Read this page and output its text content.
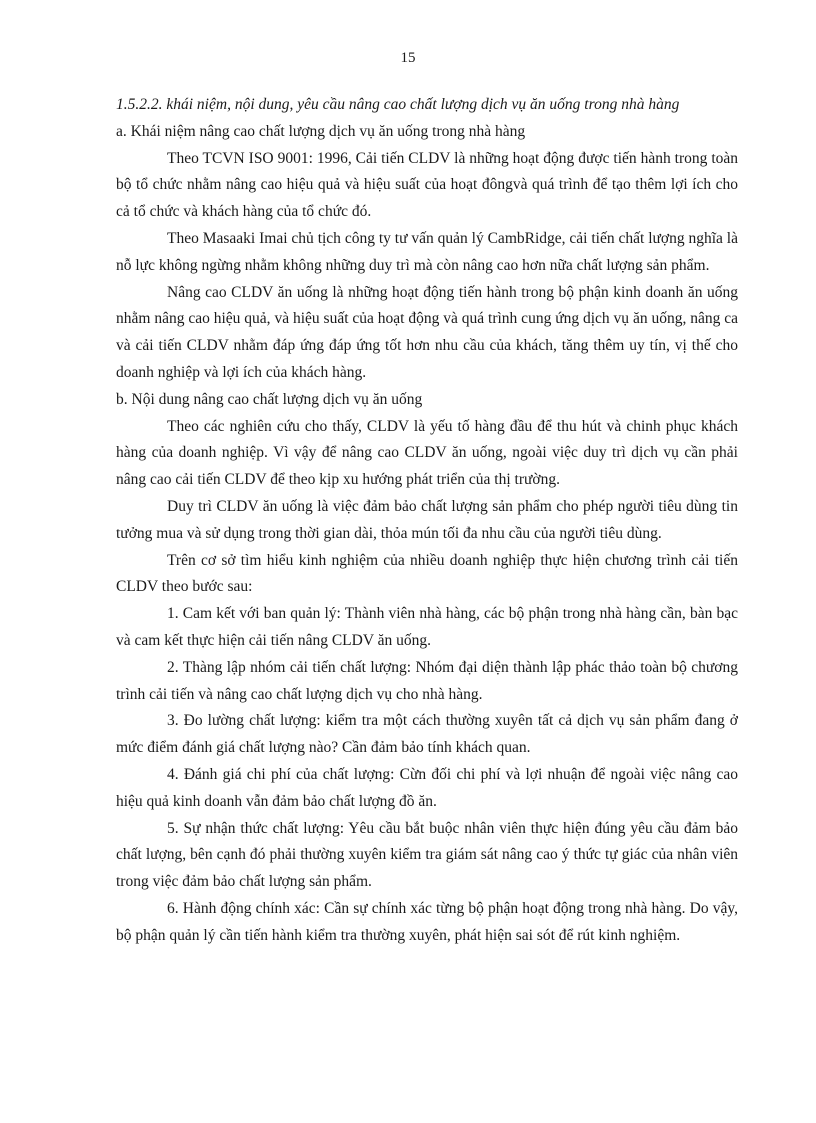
15

1.5.2.2. khái niệm, nội dung, yêu cầu nâng cao chất lượng dịch vụ ăn uống trong nhà hàng

a. Khái niệm nâng cao chất lượng dịch vụ ăn uống trong nhà hàng

Theo TCVN ISO 9001: 1996, Cải tiến CLDV là những hoạt động được tiến hành trong toàn bộ tổ chức nhằm nâng cao hiệu quả và hiệu suất của hoạt đôngvà quá trình để tạo thêm lợi ích cho cả tổ chức và khách hàng của tổ chức đó.

Theo Masaaki Imai chủ tịch công ty tư vấn quản lý CambRidge, cải tiến chất lượng nghĩa là nỗ lực không ngừng nhằm không những duy trì mà còn nâng cao hơn nữa chất lượng sản phẩm.

Nâng cao CLDV ăn uống là những hoạt động tiến hành trong bộ phận kinh doanh ăn uống nhằm nâng cao hiệu quả, và hiệu suất của hoạt động và quá trình cung ứng dịch vụ ăn uống, nâng ca và cải tiến CLDV nhằm đáp ứng đáp ứng tốt hơn nhu cầu của khách, tăng thêm uy tín, vị thế cho doanh nghiệp và lợi ích của khách hàng.

b. Nội dung nâng cao chất lượng dịch vụ ăn uống

Theo các nghiên cứu cho thấy, CLDV là yếu tố hàng đầu để thu hút và chinh phục khách hàng của doanh nghiệp. Vì vậy để nâng cao CLDV ăn uống, ngoài việc duy trì dịch vụ cần phải nâng cao cải tiến CLDV để theo kịp xu hướng phát triển của thị trường.

Duy trì CLDV ăn uống là việc đảm bảo chất lượng sản phẩm cho phép người tiêu dùng tin tưởng mua và sử dụng trong thời gian dài, thỏa mún tối đa nhu cầu của người tiêu dùng.

Trên cơ sở tìm hiểu kinh nghiệm của nhiều doanh nghiệp thực hiện chương trình cải tiến CLDV theo bước sau:

1. Cam kết với ban quản lý: Thành viên nhà hàng, các bộ phận trong nhà hàng cần, bàn bạc và cam kết thực hiện cải tiến nâng CLDV ăn uống.

2. Thàng lập nhóm cải tiến chất lượng: Nhóm đại diện thành lập phác thảo toàn bộ chương trình cải tiến và nâng cao chất lượng dịch vụ cho nhà hàng.

3. Đo lường chất lượng: kiểm tra một cách thường xuyên tất cả dịch vụ sản phẩm đang ở mức điểm đánh giá chất lượng nào? Cần đảm bảo tính khách quan.

4. Đánh giá chi phí của chất lượng: Cừn đối chi phí và lợi nhuận để ngoài việc nâng cao hiệu quả kinh doanh vẫn đảm bảo chất lượng đồ ăn.

5. Sự nhận thức chất lượng: Yêu cầu bắt buộc nhân viên thực hiện đúng yêu cầu đảm bảo chất lượng, bên cạnh đó phải thường xuyên kiểm tra giám sát nâng cao ý thức tự giác của nhân viên trong việc đảm bảo chất lượng sản phẩm.

6. Hành động chính xác: Cần sự chính xác từng bộ phận hoạt động trong nhà hàng. Do vậy, bộ phận quản lý cần tiến hành kiểm tra thường xuyên, phát hiện sai sót để rút kinh nghiệm.
